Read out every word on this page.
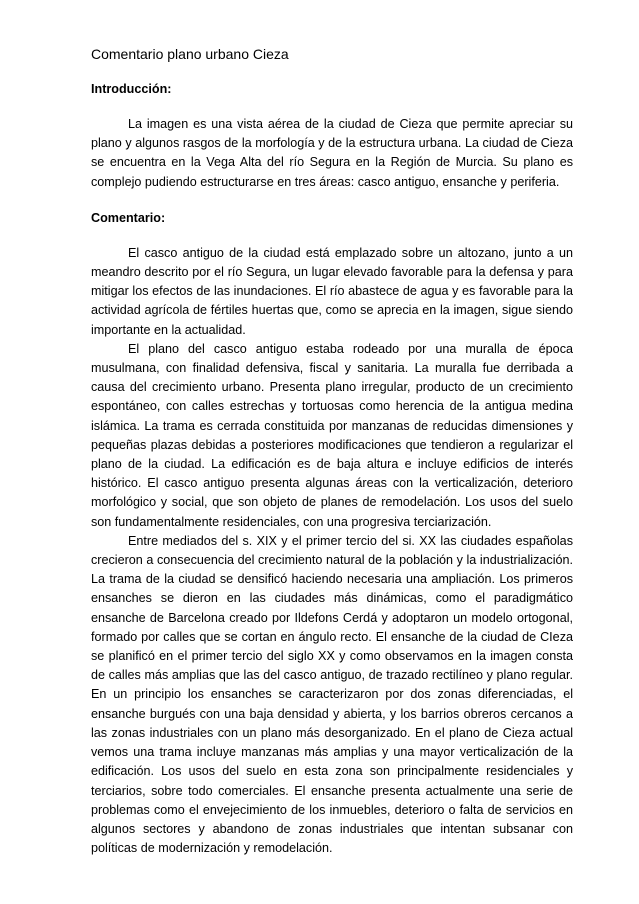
Comentario plano urbano Cieza
Introducción:

La imagen es una vista aérea de la ciudad de Cieza que permite apreciar su plano y algunos rasgos de la morfología y de la estructura urbana. La ciudad de Cieza se encuentra en la Vega Alta del río Segura en la Región de Murcia. Su plano es complejo pudiendo estructurarse en tres áreas: casco antiguo, ensanche y periferia.

Comentario:

El casco antiguo de la ciudad está emplazado sobre un altozano, junto a un meandro descrito por el río Segura, un lugar elevado favorable para la defensa y para mitigar los efectos de las inundaciones. El río abastece de agua y es favorable para la actividad agrícola de fértiles huertas que, como se aprecia en la imagen, sigue siendo importante en la actualidad.

El plano del casco antiguo estaba rodeado por una muralla de época musulmana, con finalidad defensiva, fiscal y sanitaria. La muralla fue derribada a causa del crecimiento urbano. Presenta plano irregular, producto de un crecimiento espontáneo, con calles estrechas y tortuosas como herencia de la antigua medina islámica. La trama es cerrada constituida por manzanas de reducidas dimensiones y pequeñas plazas debidas a posteriores modificaciones que tendieron a regularizar el plano de la ciudad. La edificación es de baja altura e incluye edificios de interés histórico. El casco antiguo presenta algunas áreas con la verticalización, deterioro morfológico y social, que son objeto de planes de remodelación. Los usos del suelo son fundamentalmente residenciales, con una progresiva terciarización.

Entre mediados del s. XIX y el primer tercio del si. XX las ciudades españolas crecieron a consecuencia del crecimiento natural de la población y la industrialización. La trama de la ciudad se densificó haciendo necesaria una ampliación. Los primeros ensanches se dieron en las ciudades más dinámicas, como el paradigmático ensanche de Barcelona creado por Ildefons Cerdá y adoptaron un modelo ortogonal, formado por calles que se cortan en ángulo recto. El ensanche de la ciudad de CIeza se planificó en el primer tercio del siglo XX y como observamos en la imagen consta de calles más amplias que las del casco antiguo, de trazado rectilíneo y plano regular. En un principio los ensanches se caracterizaron por dos zonas diferenciadas, el ensanche burgués con una baja densidad y abierta, y los barrios obreros cercanos a las zonas industriales con un plano más desorganizado. En el plano de Cieza actual vemos una trama incluye manzanas más amplias y una mayor verticalización de la edificación. Los usos del suelo en esta zona son principalmente residenciales y terciarios, sobre todo comerciales. El ensanche presenta actualmente una serie de problemas como el envejecimiento de los inmuebles, deterioro o falta de servicios en algunos sectores y abandono de zonas industriales que intentan subsanar con políticas de modernización y remodelación.
